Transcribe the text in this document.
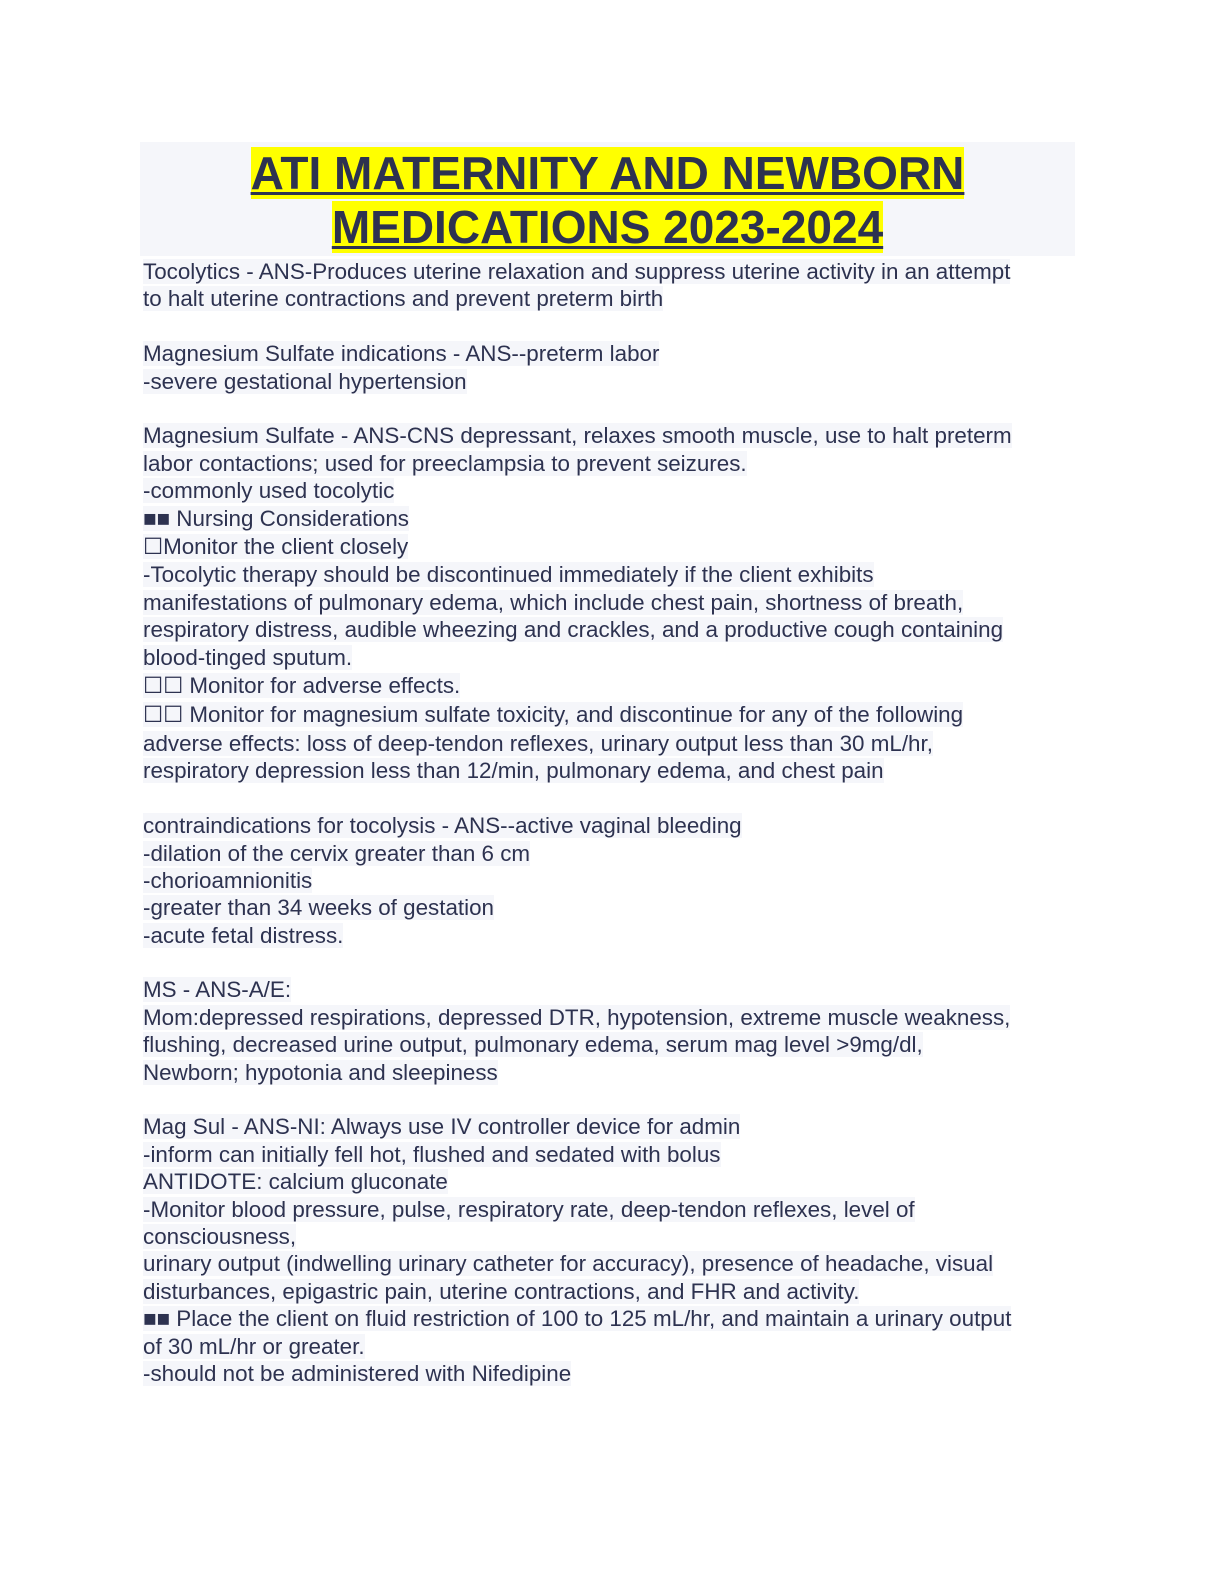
ATI MATERNITY AND NEWBORN
MEDICATIONS 2023-2024
Tocolytics - ANS-Produces uterine relaxation and suppress uterine activity in an attempt
to halt uterine contractions and prevent preterm birth
Magnesium Sulfate indications - ANS--preterm labor
-severe gestational hypertension
Magnesium Sulfate - ANS-CNS depressant, relaxes smooth muscle, use to halt preterm
labor contactions; used for preeclampsia to prevent seizures.
-commonly used tocolytic
■■ Nursing Considerations
☐Monitor the client closely
-Tocolytic therapy should be discontinued immediately if the client exhibits
manifestations of pulmonary edema, which include chest pain, shortness of breath,
respiratory distress, audible wheezing and crackles, and a productive cough containing
blood-tinged sputum.
☐☐ Monitor for adverse effects.
☐☐ Monitor for magnesium sulfate toxicity, and discontinue for any of the following
adverse effects: loss of deep-tendon reflexes, urinary output less than 30 mL/hr,
respiratory depression less than 12/min, pulmonary edema, and chest pain
contraindications for tocolysis - ANS--active vaginal bleeding
-dilation of the cervix greater than 6 cm
-chorioamnionitis
-greater than 34 weeks of gestation
-acute fetal distress.
MS - ANS-A/E:
Mom:depressed respirations, depressed DTR, hypotension, extreme muscle weakness,
flushing, decreased urine output, pulmonary edema, serum mag level >9mg/dl,
Newborn; hypotonia and sleepiness
Mag Sul - ANS-NI: Always use IV controller device for admin
-inform can initially fell hot, flushed and sedated with bolus
ANTIDOTE: calcium gluconate
-Monitor blood pressure, pulse, respiratory rate, deep-tendon reflexes, level of
consciousness,
urinary output (indwelling urinary catheter for accuracy), presence of headache, visual
disturbances, epigastric pain, uterine contractions, and FHR and activity.
■■ Place the client on fluid restriction of 100 to 125 mL/hr, and maintain a urinary output
of 30 mL/hr or greater.
-should not be administered with Nifedipine
